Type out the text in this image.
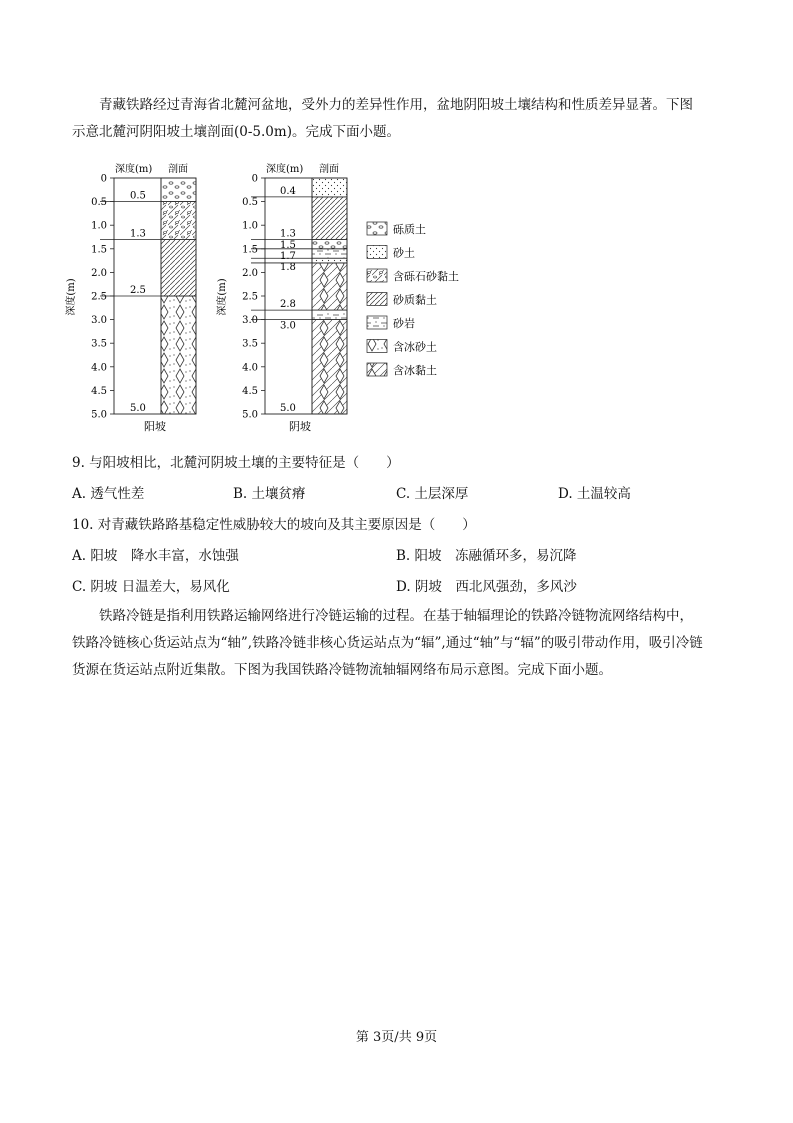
青藏铁路经过青海省北麓河盆地，受外力的差异性作用，盆地阴阳坡土壤结构和性质差异显著。下图
示意北麓河阴阳坡土壤剖面(0-5.0m)。完成下面小题。

深度(m) 剖面
深度(m)
0
0.5
1.0
1.5
2.0
2.5
3.0
3.5
4.0
4.5
5.0
0.5
1.3
2.5
5.0
阳坡
深度(m) 剖面
深度(m)
0
0.5
1.0
1.5
2.0
2.5
3.0
3.5
4.0
4.5
5.0
0.4
1.3
1.5
1.7
1.8
2.8
3.0
5.0
阴坡
砾质土
砂土
含砾石砂黏土
砂质黏土
砂岩
含冰砂土
含冰黏土
9. 与阳坡相比，北麓河阴坡土壤的主要特征是（　　）
A. 透气性差	B. 土壤贫瘠	C. 土层深厚	D. 土温较高
10. 对青藏铁路路基稳定性威胁较大的坡向及其主要原因是（　　）
A. 阳坡　降水丰富，水蚀强	B. 阳坡　冻融循环多，易沉降
C. 阴坡 日温差大，易风化	D. 阴坡　西北风强劲，多风沙

铁路冷链是指利用铁路运输网络进行冷链运输的过程。在基于轴辐理论的铁路冷链物流网络结构中，
铁路冷链核心货运站点为“轴”,铁路冷链非核心货运站点为“辐”,通过“轴”与“辐”的吸引带动作用，吸引冷链
货源在货运站点附近集散。下图为我国铁路冷链物流轴辐网络布局示意图。完成下面小题。

第 3页/共 9页
